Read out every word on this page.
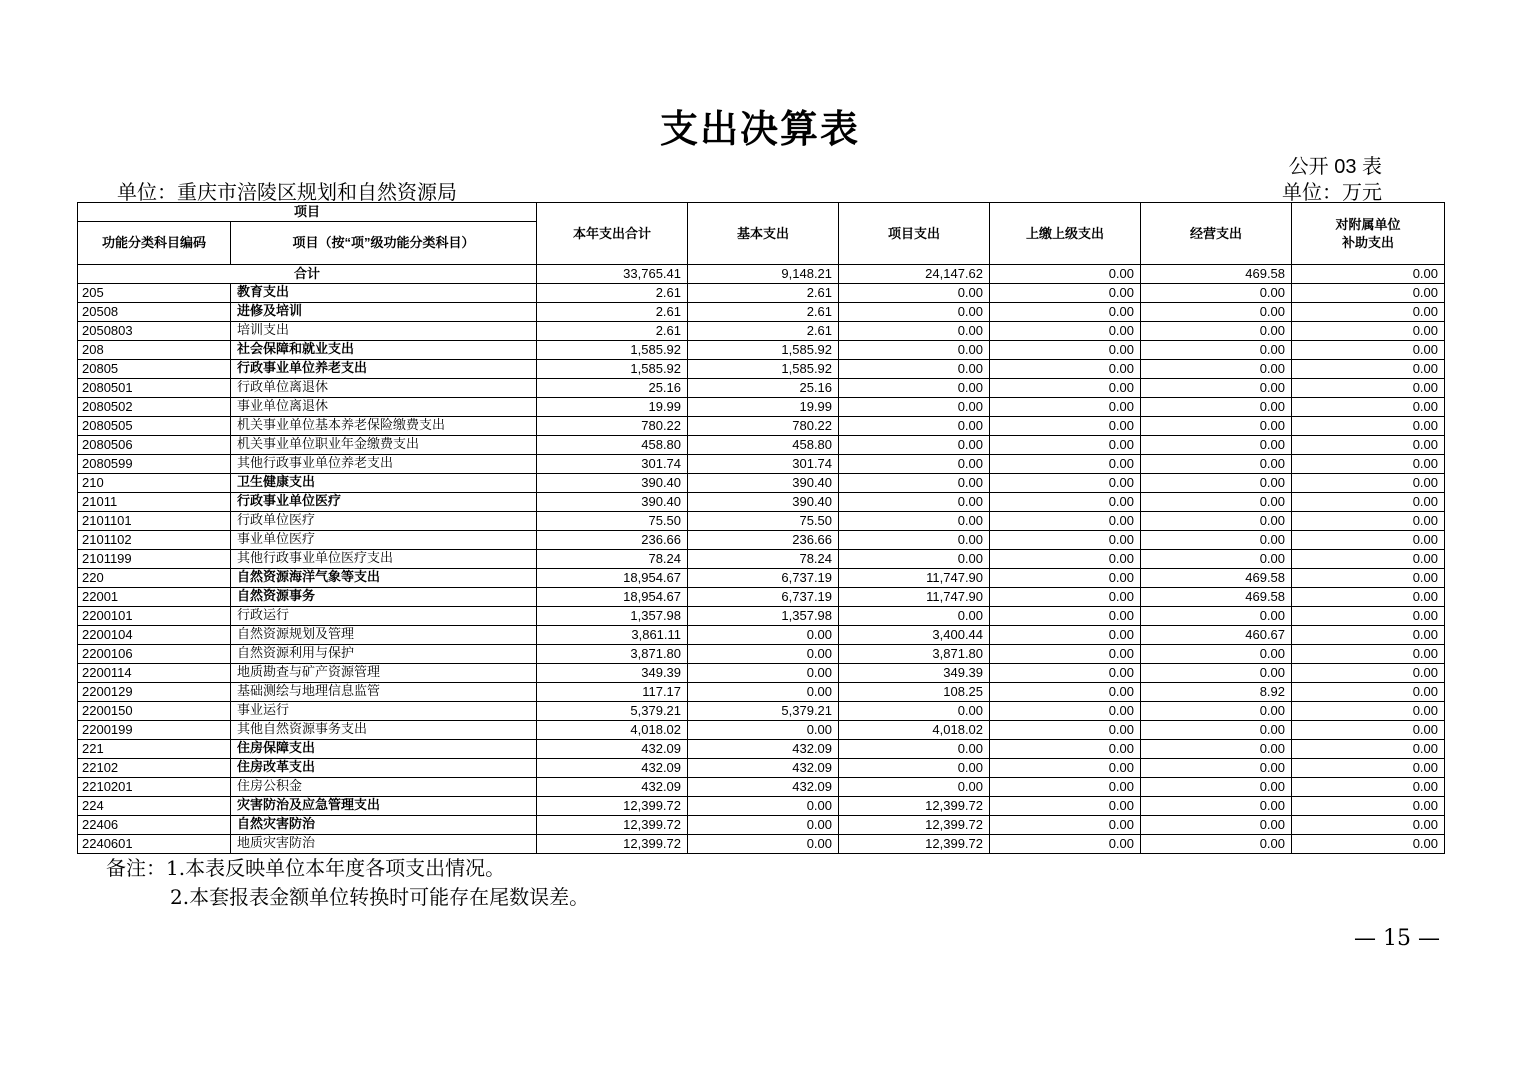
支出决算表
公开 03 表
单位：重庆市涪陵区规划和自然资源局	单位：万元
项目		本年支出合计	基本支出	项目支出	上缴上级支出	经营支出	对附属单位
补助支出

功能分类科目编码	项目（按“项”级功能分类科目）						
合计		33,765.41	9,148.21	24,147.62	0.00	469.58	0.00
205	教育支出	2.61	2.61	0.00	0.00	0.00	0.00
20508	进修及培训	2.61	2.61	0.00	0.00	0.00	0.00
2050803	培训支出	2.61	2.61	0.00	0.00	0.00	0.00
208	社会保障和就业支出	1,585.92	1,585.92	0.00	0.00	0.00	0.00
20805	行政事业单位养老支出	1,585.92	1,585.92	0.00	0.00	0.00	0.00
2080501	行政单位离退休	25.16	25.16	0.00	0.00	0.00	0.00
2080502	事业单位离退休	19.99	19.99	0.00	0.00	0.00	0.00
2080505	机关事业单位基本养老保险缴费支出	780.22	780.22	0.00	0.00	0.00	0.00
2080506	机关事业单位职业年金缴费支出	458.80	458.80	0.00	0.00	0.00	0.00
2080599	其他行政事业单位养老支出	301.74	301.74	0.00	0.00	0.00	0.00
210	卫生健康支出	390.40	390.40	0.00	0.00	0.00	0.00
21011	行政事业单位医疗	390.40	390.40	0.00	0.00	0.00	0.00
2101101	行政单位医疗	75.50	75.50	0.00	0.00	0.00	0.00
2101102	事业单位医疗	236.66	236.66	0.00	0.00	0.00	0.00
2101199	其他行政事业单位医疗支出	78.24	78.24	0.00	0.00	0.00	0.00
220	自然资源海洋气象等支出	18,954.67	6,737.19	11,747.90	0.00	469.58	0.00
22001	自然资源事务	18,954.67	6,737.19	11,747.90	0.00	469.58	0.00
2200101	行政运行	1,357.98	1,357.98	0.00	0.00	0.00	0.00
2200104	自然资源规划及管理	3,861.11	0.00	3,400.44	0.00	460.67	0.00
2200106	自然资源利用与保护	3,871.80	0.00	3,871.80	0.00	0.00	0.00
2200114	地质勘查与矿产资源管理	349.39	0.00	349.39	0.00	0.00	0.00
2200129	基础测绘与地理信息监管	117.17	0.00	108.25	0.00	8.92	0.00
2200150	事业运行	5,379.21	5,379.21	0.00	0.00	0.00	0.00
2200199	其他自然资源事务支出	4,018.02	0.00	4,018.02	0.00	0.00	0.00
221	住房保障支出	432.09	432.09	0.00	0.00	0.00	0.00
22102	住房改革支出	432.09	432.09	0.00	0.00	0.00	0.00
2210201	住房公积金	432.09	432.09	0.00	0.00	0.00	0.00
224	灾害防治及应急管理支出	12,399.72	0.00	12,399.72	0.00	0.00	0.00
22406	自然灾害防治	12,399.72	0.00	12,399.72	0.00	0.00	0.00
2240601	地质灾害防治	12,399.72	0.00	12,399.72	0.00	0.00	0.00
备注：1.本表反映单位本年度各项支出情况。
2.本套报表金额单位转换时可能存在尾数误差。
— 15 —
